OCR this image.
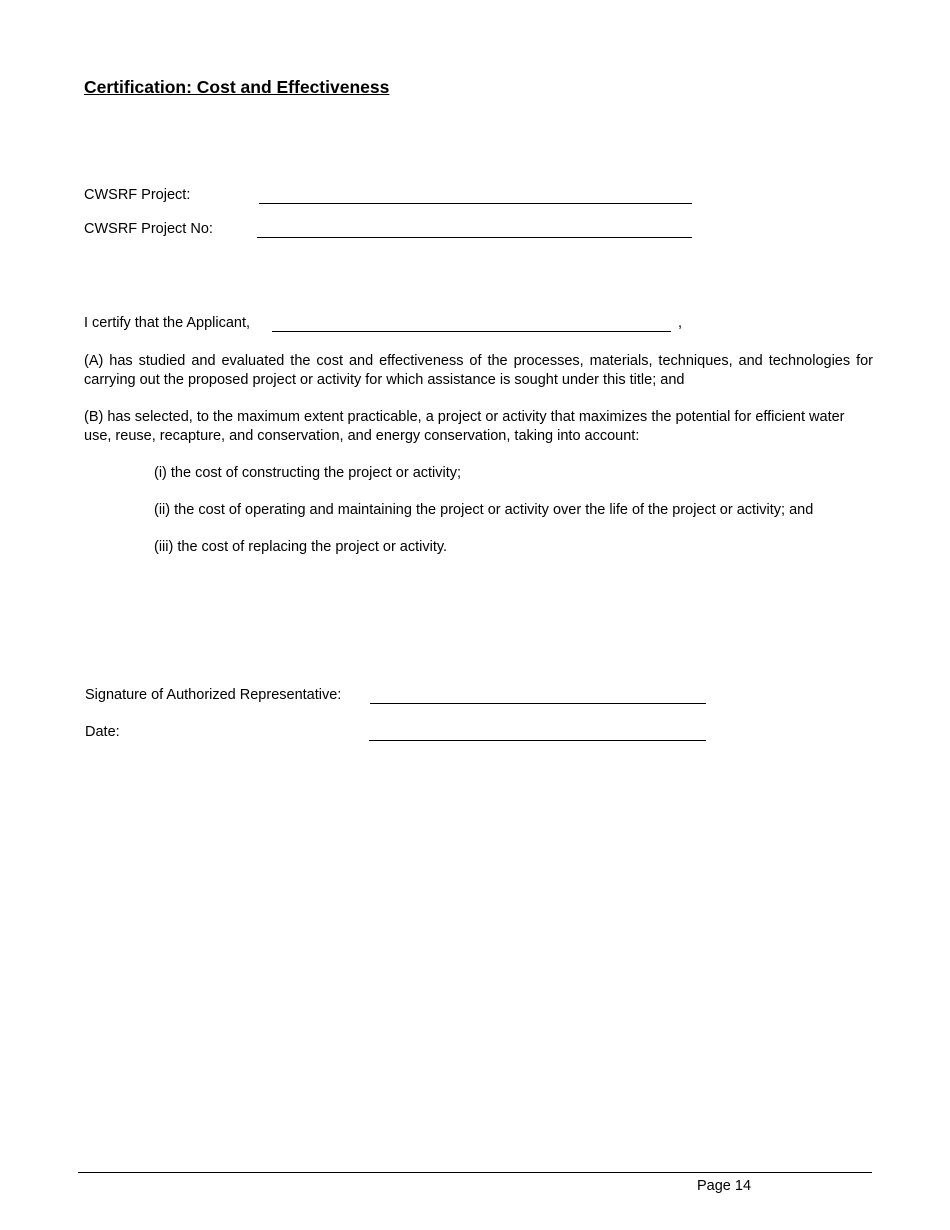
Certification: Cost and Effectiveness
CWSRF Project:
CWSRF Project No:
I certify that the Applicant,	,
(A) has studied and evaluated the cost and effectiveness of the processes, materials, techniques, and technologies for carrying out the proposed project or activity for which assistance is sought under this title; and
(B) has selected, to the maximum extent practicable, a project or activity that maximizes the potential for efficient water use, reuse, recapture, and conservation, and energy conservation, taking into account:
(i) the cost of constructing the project or activity;
(ii) the cost of operating and maintaining the project or activity over the life of the project or activity; and
(iii) the cost of replacing the project or activity.
Signature of Authorized Representative:
Date:
Page 14
